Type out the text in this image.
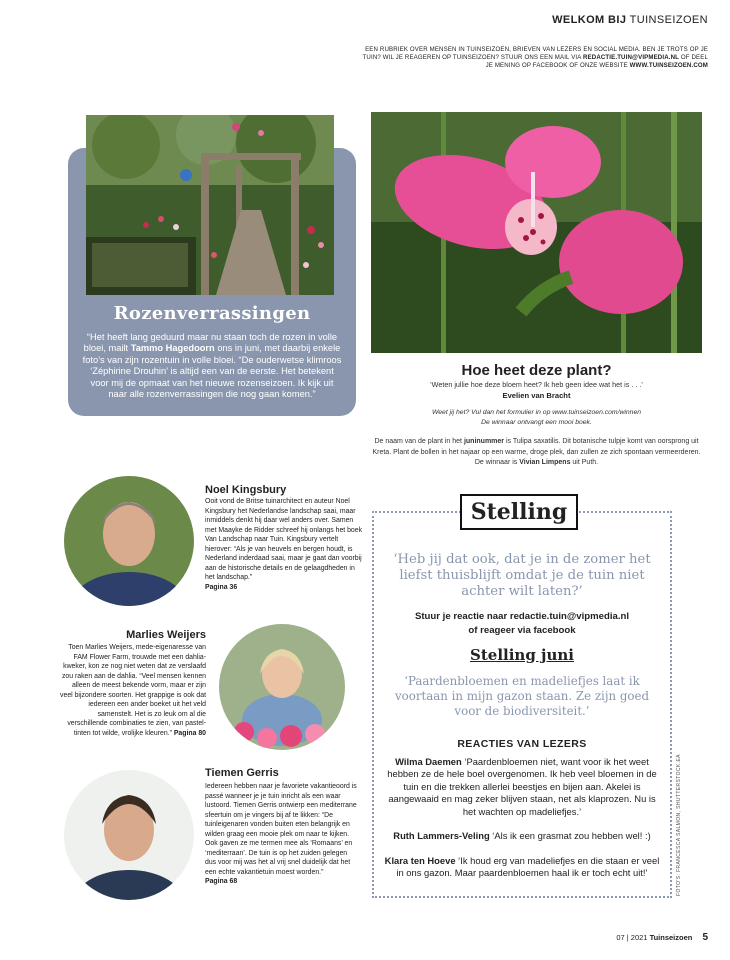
WELKOM BIJ TUINSEIZOEN
EEN RUBRIEK OVER MENSEN IN TUINSEIZOEN, BRIEVEN VAN LEZERS EN SOCIAL MEDIA. BEN JE TROTS OP JE TUIN? WIL JE REAGEREN OP TUINSEIZOEN? STUUR ONS EEN MAIL VIA REDACTIE.TUIN@VIPMEDIA.NL OF DEEL JE MENING OP FACEBOOK OF ONZE WEBSITE WWW.TUINSEIZOEN.COM
Rozenverrassingen
“Het heeft lang geduurd maar nu staan toch de rozen in volle bloei, mailt Tammo Hagedoorn ons in juni, met daarbij enkele foto’s van zijn rozentuin in volle bloei. “De ouderwetse klimroos ‘Zéphirine Drouhin’ is altijd een van de eerste. Het betekent voor mij de opmaat van het nieuwe rozenseizoen. Ik kijk uit naar alle rozenverrassingen die nog gaan komen.”
Hoe heet deze plant?
‘Weten jullie hoe deze bloem heet? Ik heb geen idee wat het is . . .’
Evelien van Bracht
Weet jij het? Vul dan het formulier in op www.tuinseizoen.com/winnen
De winnaar ontvangt een mooi boek.
De naam van de plant in het juninummer is Tulipa saxatilis. Dit botanische tulpje komt van oorsprong uit Kreta. Plant de bollen in het najaar op een warme, droge plek, dan zullen ze zich spontaan vermeerderen. De winnaar is Vivian Limpens uit Puth.
Noel Kingsbury
Ooit vond de Britse tuinarchitect en auteur Noel Kingsbury het Nederlandse landschap saai, maar inmiddels denkt hij daar wel anders over. Samen met Maayke de Ridder schreef hij onlangs het boek Van Landschap naar Tuin. Kingsbury vertelt hierover: “Als je van heuvels en bergen houdt, is Nederland inderdaad saai, maar je gaat dan voorbij aan de historische details en de gelaagdheden in het landschap.”
Pagina 36
Marlies Weijers
Toen Marlies Weijers, mede-eigenaresse van FAM Flower Farm, trouwde met een dahlia-kweker, kon ze nog niet weten dat ze verslaafd zou raken aan de dahlia. “Veel mensen kennen alleen de meest bekende vorm, maar er zijn veel bijzondere soorten. Het grappige is ook dat iedereen een ander boeket uit het veld samenstelt. Het is zo leuk om al die verschillende combinaties te zien, van pasteltinten tot wilde, vrolijke kleuren.” Pagina 80
Tiemen Gerris
Iedereen hebben naar je favoriete vakantieoord is passé wanneer je je tuin inricht als een waar lustoord. Tiemen Gerris ontwierp een mediterrane sfeertuin om je vingers bij af te likken: “De tuinleigenaren vonden buiten eten belangrijk en wilden graag een mooie plek om naar te kijken. Ook gaven ze me termen mee als ‘Romaans’ en ‘mediterraan’. De tuin is op het zuiden gelegen dus voor mij was het al vrij snel duidelijk dat het een echte vakantietuin moest worden.”
Pagina 68
Stelling
‘Heb jij dat ook, dat je in de zomer het liefst thuisblijft omdat je de tuin niet achter wilt laten?’
Stuur je reactie naar redactie.tuin@vipmedia.nl
of reageer via facebook
Stelling juni
‘Paardenbloemen en madeliefjes laat ik voortaan in mijn gazon staan. Ze zijn goed voor de biodiversiteit.’
REACTIES VAN LEZERS
Wilma Daemen ‘Paardenbloemen niet, want voor ik het weet hebben ze de hele boel overgenomen. Ik heb veel bloemen in de tuin en die trekken allerlei beestjes en bijen aan. Akelei is aangewaaid en mag zeker blijven staan, net als klaprozen. Nu is het wachten op madeliefjes.’
Ruth Lammers-Veling ‘Als ik een grasmat zou hebben wel! :)
Klara ten Hoeve ‘Ik houd erg van madeliefjes en die staan er veel in ons gazon. Maar paardenbloemen haal ik er toch echt uit!’	FOTO'S: FRANCESCA SALMON, SHUTTERSTOCK.EA
07 | 2021 Tuinseizoen 5
